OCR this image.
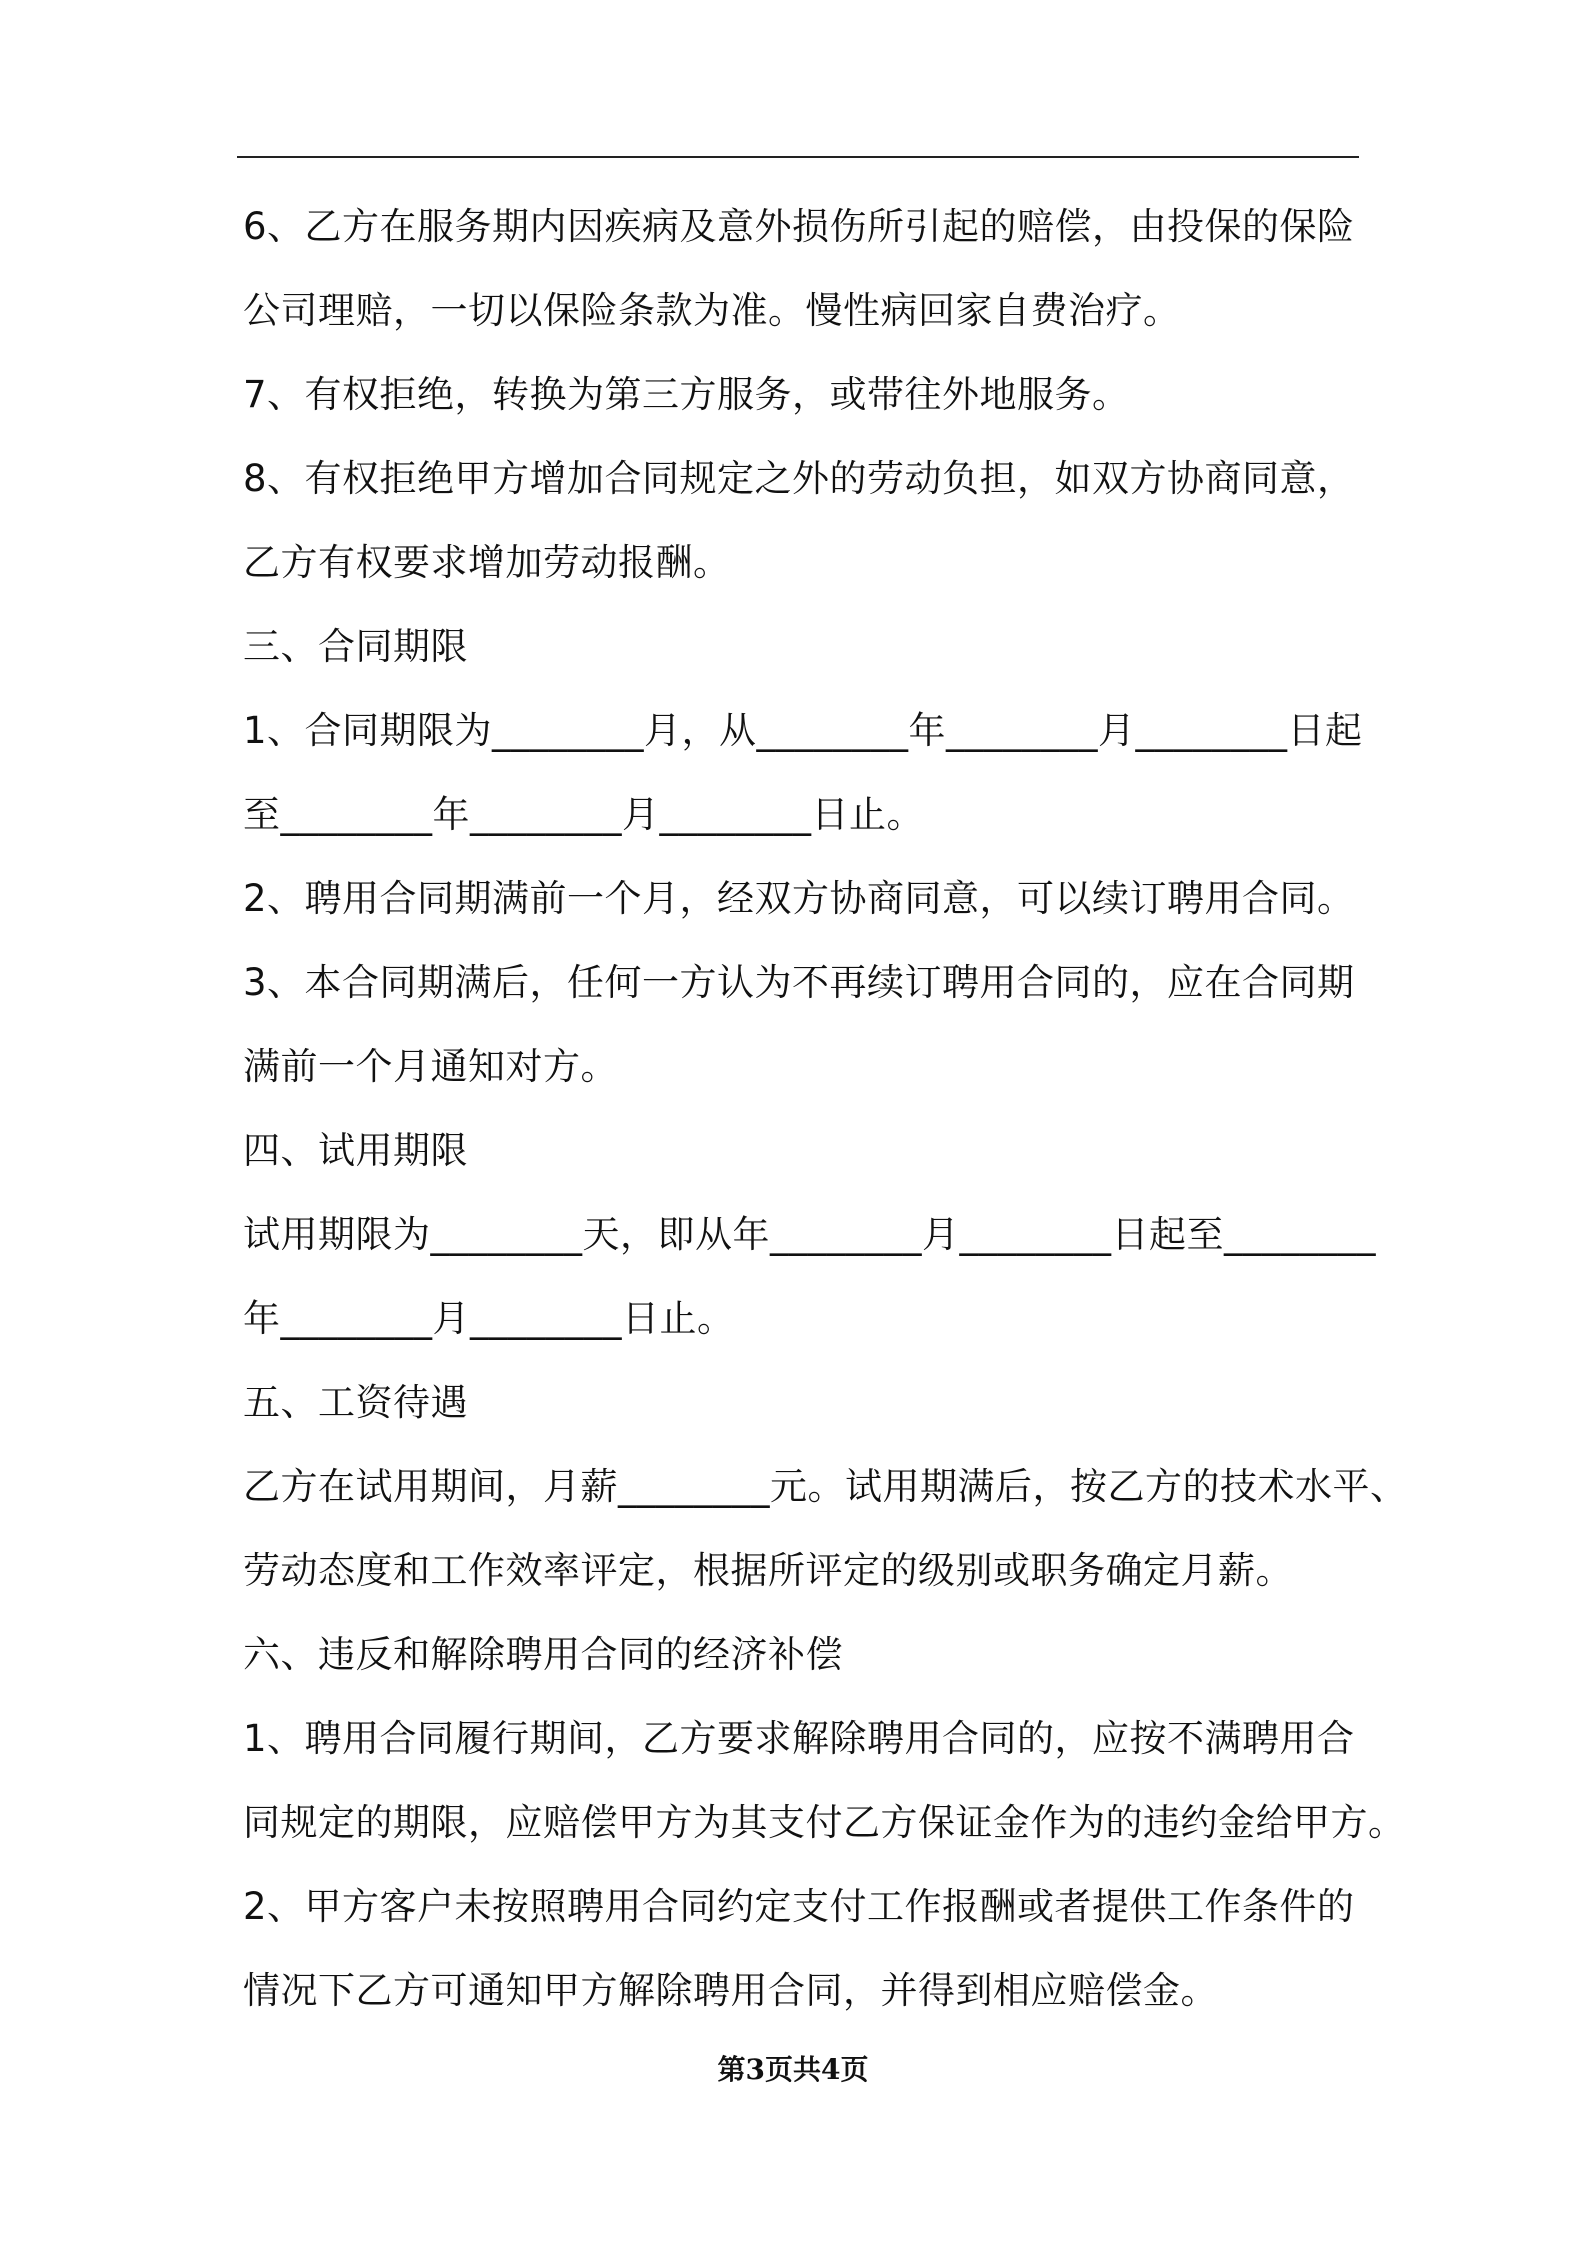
6、乙方在服务期内因疾病及意外损伤所引起的赔偿，由投保的保险
公司理赔，一切以保险条款为准。慢性病回家自费治疗。
7、有权拒绝，转换为第三方服务，或带往外地服务。
8、有权拒绝甲方增加合同规定之外的劳动负担，如双方协商同意，
乙方有权要求增加劳动报酬。
三、合同期限
1、合同期限为________月，从________年________月________日起
至________年________月________日止。
2、聘用合同期满前一个月，经双方协商同意，可以续订聘用合同。
3、本合同期满后，任何一方认为不再续订聘用合同的，应在合同期
满前一个月通知对方。
四、试用期限
试用期限为________天，即从年________月________日起至________
年________月________日止。
五、工资待遇
乙方在试用期间，月薪________元。试用期满后，按乙方的技术水平、
劳动态度和工作效率评定，根据所评定的级别或职务确定月薪。
六、违反和解除聘用合同的经济补偿
1、聘用合同履行期间，乙方要求解除聘用合同的，应按不满聘用合
同规定的期限，应赔偿甲方为其支付乙方保证金作为的违约金给甲方。
2、甲方客户未按照聘用合同约定支付工作报酬或者提供工作条件的
情况下乙方可通知甲方解除聘用合同，并得到相应赔偿金。
第3页共4页
